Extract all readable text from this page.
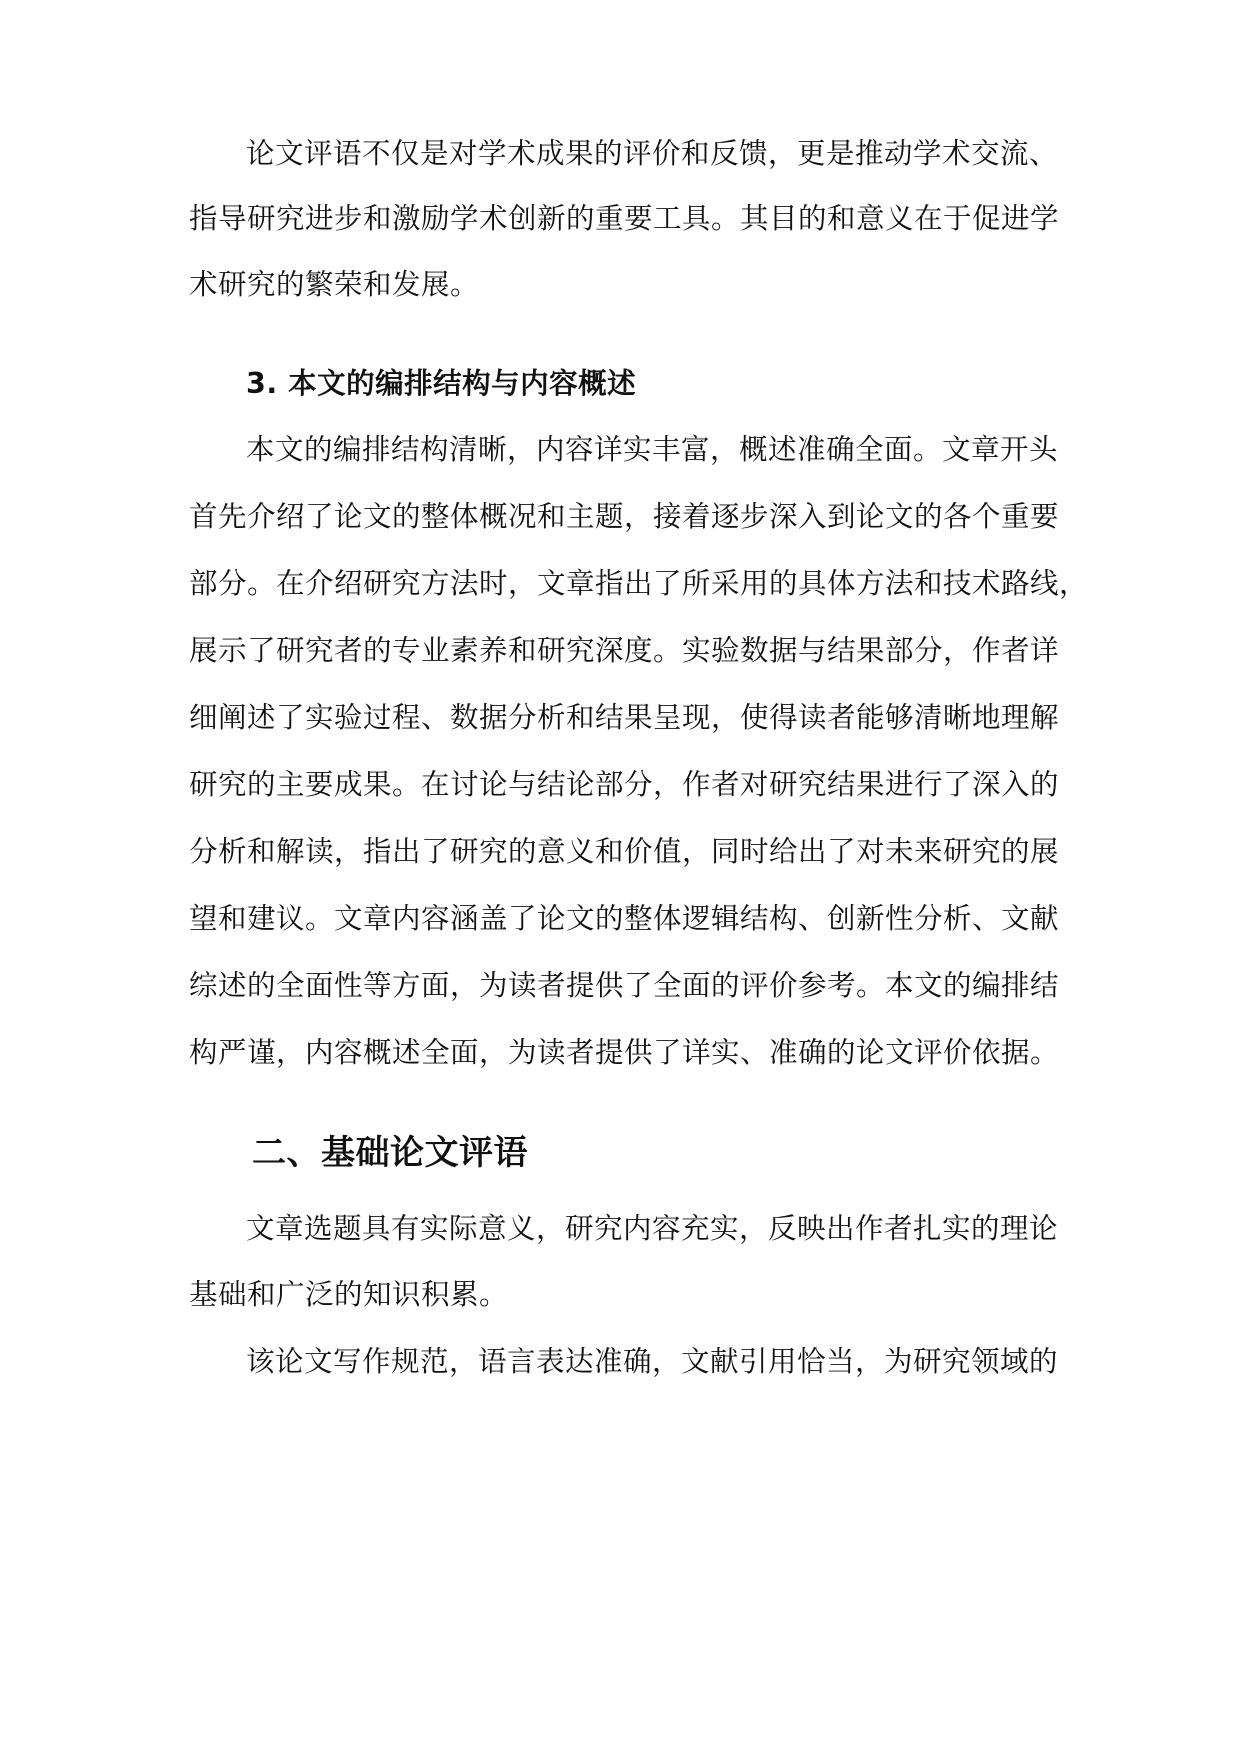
论文评语不仅是对学术成果的评价和反馈，更是推动学术交流、
指导研究进步和激励学术创新的重要工具。其目的和意义在于促进学
术研究的繁荣和发展。
3. 本文的编排结构与内容概述
本文的编排结构清晰，内容详实丰富，概述准确全面。文章开头
首先介绍了论文的整体概况和主题，接着逐步深入到论文的各个重要
部分。在介绍研究方法时，文章指出了所采用的具体方法和技术路线，
展示了研究者的专业素养和研究深度。实验数据与结果部分，作者详
细阐述了实验过程、数据分析和结果呈现，使得读者能够清晰地理解
研究的主要成果。在讨论与结论部分，作者对研究结果进行了深入的
分析和解读，指出了研究的意义和价值，同时给出了对未来研究的展
望和建议。文章内容涵盖了论文的整体逻辑结构、创新性分析、文献
综述的全面性等方面，为读者提供了全面的评价参考。本文的编排结
构严谨，内容概述全面，为读者提供了详实、准确的论文评价依据。
二、基础论文评语
文章选题具有实际意义，研究内容充实，反映出作者扎实的理论
基础和广泛的知识积累。
该论文写作规范，语言表达准确，文献引用恰当，为研究领域的
